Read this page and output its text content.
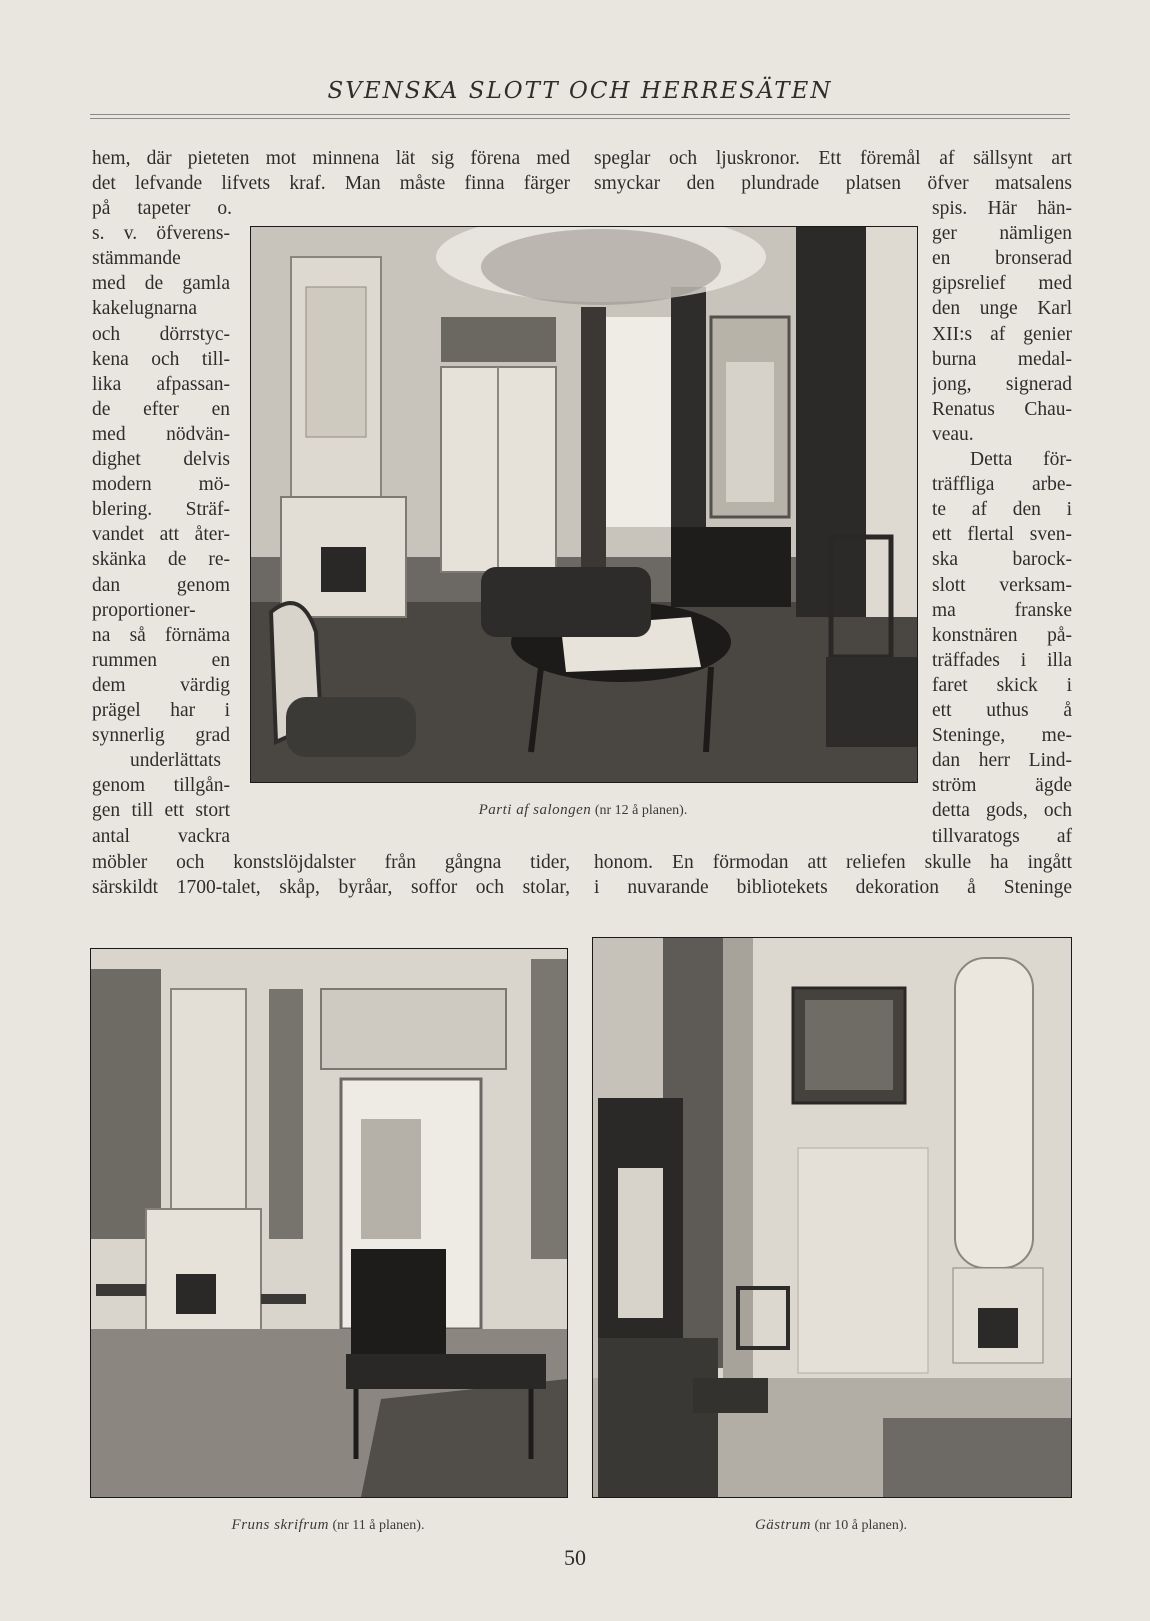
SVENSKA SLOTT OCH HERRESÄTEN
hem, där pieteten mot minnena lät sig förena med
det lefvande lifvets kraf. Man måste finna färger
speglar och ljuskronor. Ett föremål af sällsynt art
smyckar den plundrade platsen öfver matsalens
på tapeter o.
s. v. öfverens-
stämmande
med de gamla
kakelugnarna
och dörrstyc-
kena och till-
lika afpassan-
de efter en
med nödvän-
dighet delvis
modern mö-
blering. Sträf-
vandet att åter-
skänka de re-
dan genom
proportioner-
na så förnäma
rummen en
dem värdig
prägel har i
synnerlig grad
underlättats
genom tillgån-
gen till ett stort
antal vackra
spis. Här hän-
ger nämligen
en bronserad
gipsrelief med
den unge Karl
XII:s af genier
burna medal-
jong, signerad
Renatus Chau-
veau.
Detta för-
träffliga arbe-
te af den i
ett flertal sven-
ska barock-
slott verksam-
ma franske
konstnären på-
träffades i illa
faret skick i
ett uthus å
Steninge, me-
dan herr Lind-
ström ägde
detta gods, och
tillvaratogs af
möbler och konstslöjdalster från gångna tider,
särskildt 1700-talet, skåp, byråar, soffor och stolar,
honom. En förmodan att reliefen skulle ha ingått
i nuvarande bibliotekets dekoration å Steninge
Parti af salongen (nr 12 å planen).
Fruns skrifrum (nr 11 å planen).	Gästrum (nr 10 å planen).
50
